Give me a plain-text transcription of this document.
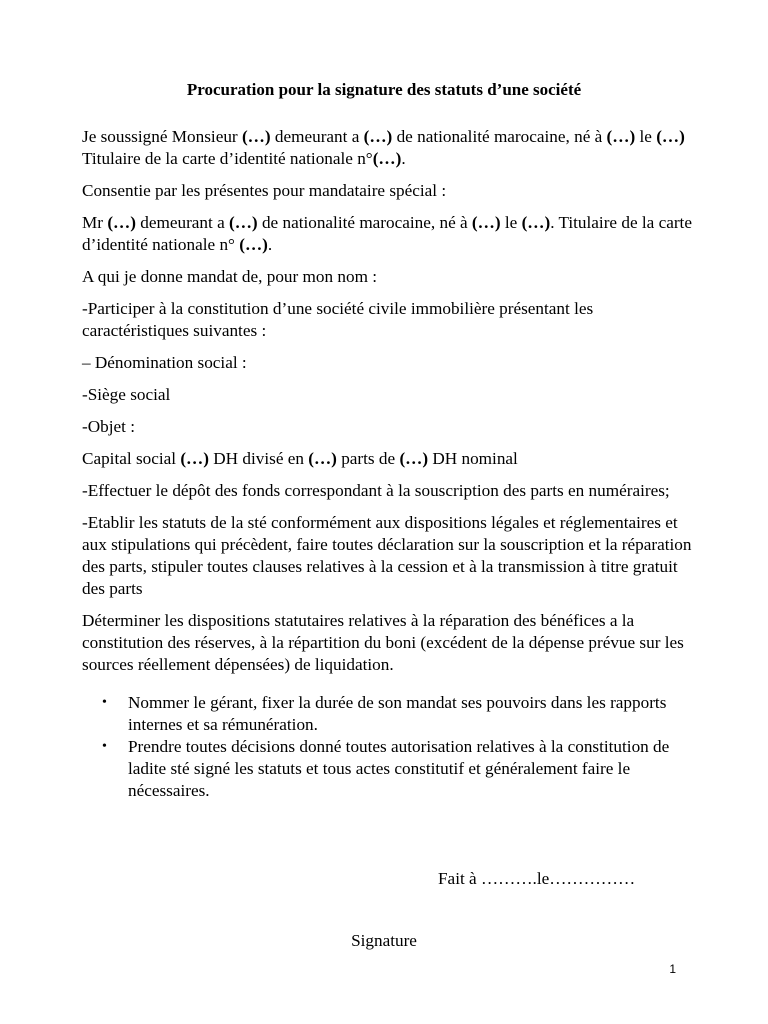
Procuration pour la signature des statuts d’une société

Je soussigné Monsieur (…) demeurant a (…) de nationalité marocaine, né à (…) le (…) Titulaire de la carte d’identité nationale n°(…).

Consentie par les présentes pour mandataire spécial :

Mr (…) demeurant a (…) de nationalité marocaine, né à (…) le (…). Titulaire de la carte d’identité nationale n° (…).

A qui je donne mandat de, pour mon nom :

-Participer à la constitution d’une société civile immobilière présentant les caractéristiques suivantes :

– Dénomination social :

-Siège social

-Objet :

Capital social (…) DH divisé en (…) parts de (…) DH nominal

-Effectuer le dépôt des fonds correspondant à la souscription des parts en numéraires;

-Etablir les statuts de la sté conformément aux dispositions légales et réglementaires et aux stipulations qui précèdent, faire toutes déclaration sur la souscription et la réparation des parts, stipuler toutes clauses relatives à la cession et à la transmission à titre gratuit des parts

Déterminer les dispositions statutaires relatives à la réparation des bénéfices a la constitution des réserves, à la répartition du boni (excédent de la dépense prévue sur les sources réellement dépensées) de liquidation.

• Nommer le gérant, fixer la durée de son mandat ses pouvoirs dans les rapports internes et sa rémunération.
• Prendre toutes décisions donné toutes autorisation relatives à la constitution de ladite sté signé les statuts et tous actes constitutif et généralement faire le nécessaires.
Fait à ……….le……………
Signature
1
